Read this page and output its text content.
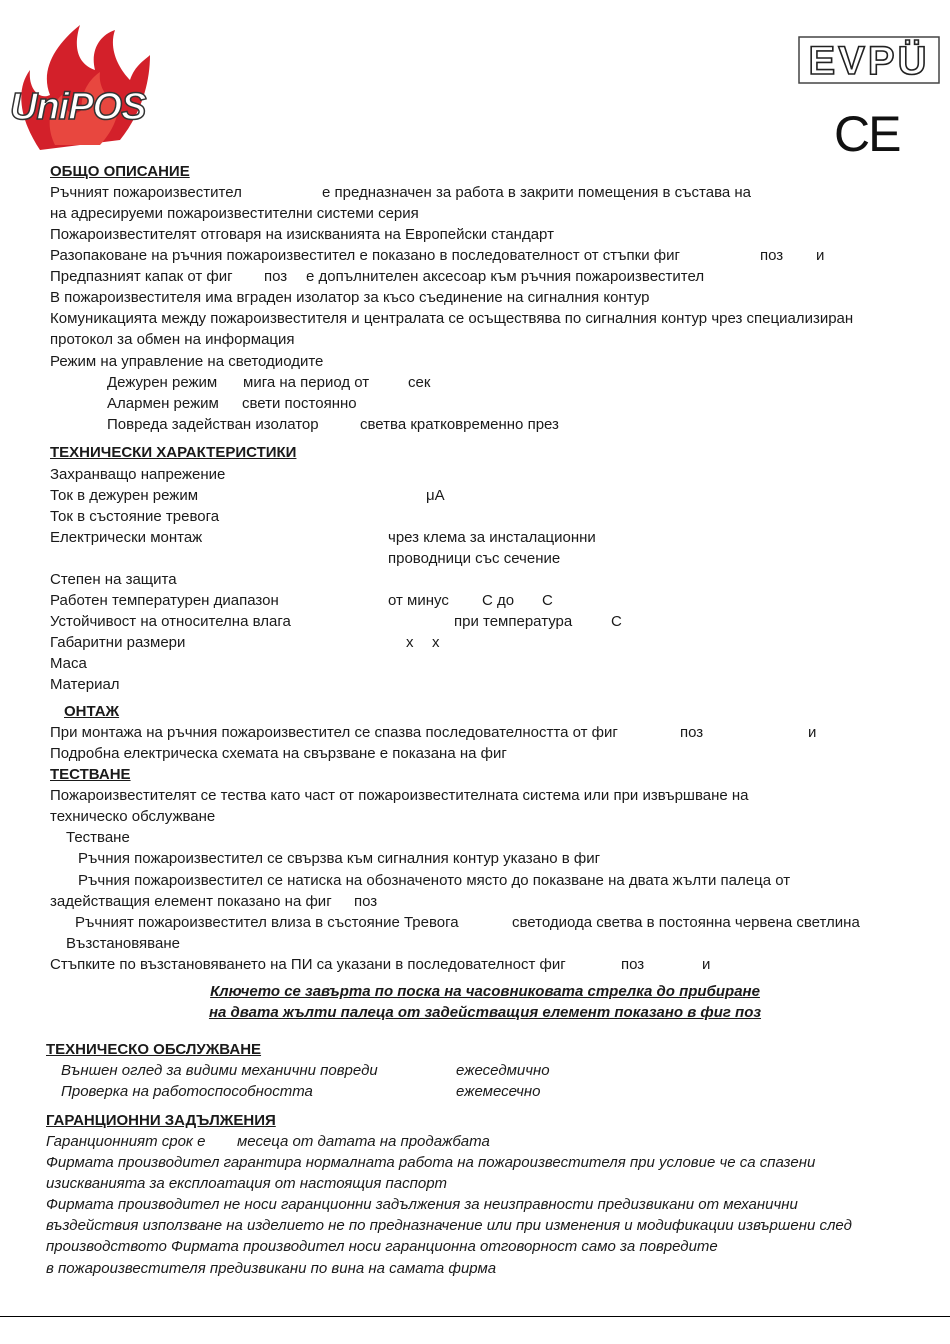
UniPOS
EVPÜ
CE
ОБЩО ОПИСАНИЕ
Ръчният пожароизвестител	е предназначен за работа в закрити помещения в състава на
на адресируеми пожароизвестителни системи серия
Пожароизвестителят отговаря на изискванията на Европейски стандарт
Разопаковане на ръчния пожароизвестител е показано в последователност от стъпки фиг	поз и
Предпазният капак от фиг поз е допълнителен аксесоар към ръчния пожароизвестител
В пожароизвестителя има вграден изолатор за късо съединение на сигналния контур
Комуникацията между пожароизвестителя и централата се осъществява по сигналния контур чрез специализиран
протокол за обмен на информация
Режим на управление на светодиодите
Дежурен режим мига на период от	сек
Алармен режим свети постоянно
Повреда задействан изолатор	светва кратковременно през
ТЕХНИЧЕСКИ ХАРАКТЕРИСТИКИ
Захранващо напрежение
Ток в дежурен режим	μA
Ток в състояние тревога
Електрически монтаж	чрез клема за инсталационни
проводници със сечение
Степен на защита
Работен температурен диапазон	от минус C до C
Устойчивост на относителна влага	при температура	C
Габаритни размери	x x
Маса
Материал
ОНТАЖ
При монтажа на ръчния пожароизвестител се спазва последователността от фиг	поз	и
Подробна електрическа схемата на свързване е показана на фиг
ТЕСТВАНЕ
Пожароизвестителят се тества като част от пожароизвестителната система или при извършване на
техническо обслужване
Тестване
Ръчния пожароизвестител се свързва към сигналния контур указано в фиг
Ръчния пожароизвестител се натиска на обозначеното място до показване на двата жълти палеца от
задействащия елемент показано на фиг поз
Ръчният пожароизвестител влиза в състояние Тревога	светодиода светва в постоянна червена светлина
Възстановяване
Стъпките по възстановяването на ПИ са указани в последователност фиг	поз	и
Ключето се завърта по поска на часовниковата стрелка до прибиране
на двата жълти палеца от задействащия елемент показано в фиг поз
ТЕХНИЧЕСКО ОБСЛУЖВАНЕ
Външен оглед за видими механични повреди	ежеседмично
Проверка на работоспособността	ежемесечно
ГАРАНЦИОННИ ЗАДЪЛЖЕНИЯ
Гаранционният срок е месеца от датата на продажбата
Фирмата производител гарантира нормалната работа на пожароизвестителя при условие че са спазени
изискванията за експлоатация от настоящия паспорт
Фирмата производител не носи гаранционни задължения за неизправности предизвикани от механични
въздействия използване на изделието не по предназначение или при изменения и модификации извършени след
производството Фирмата производител носи гаранционна отговорност само за повредите
в пожароизвестителя предизвикани по вина на самата фирма
